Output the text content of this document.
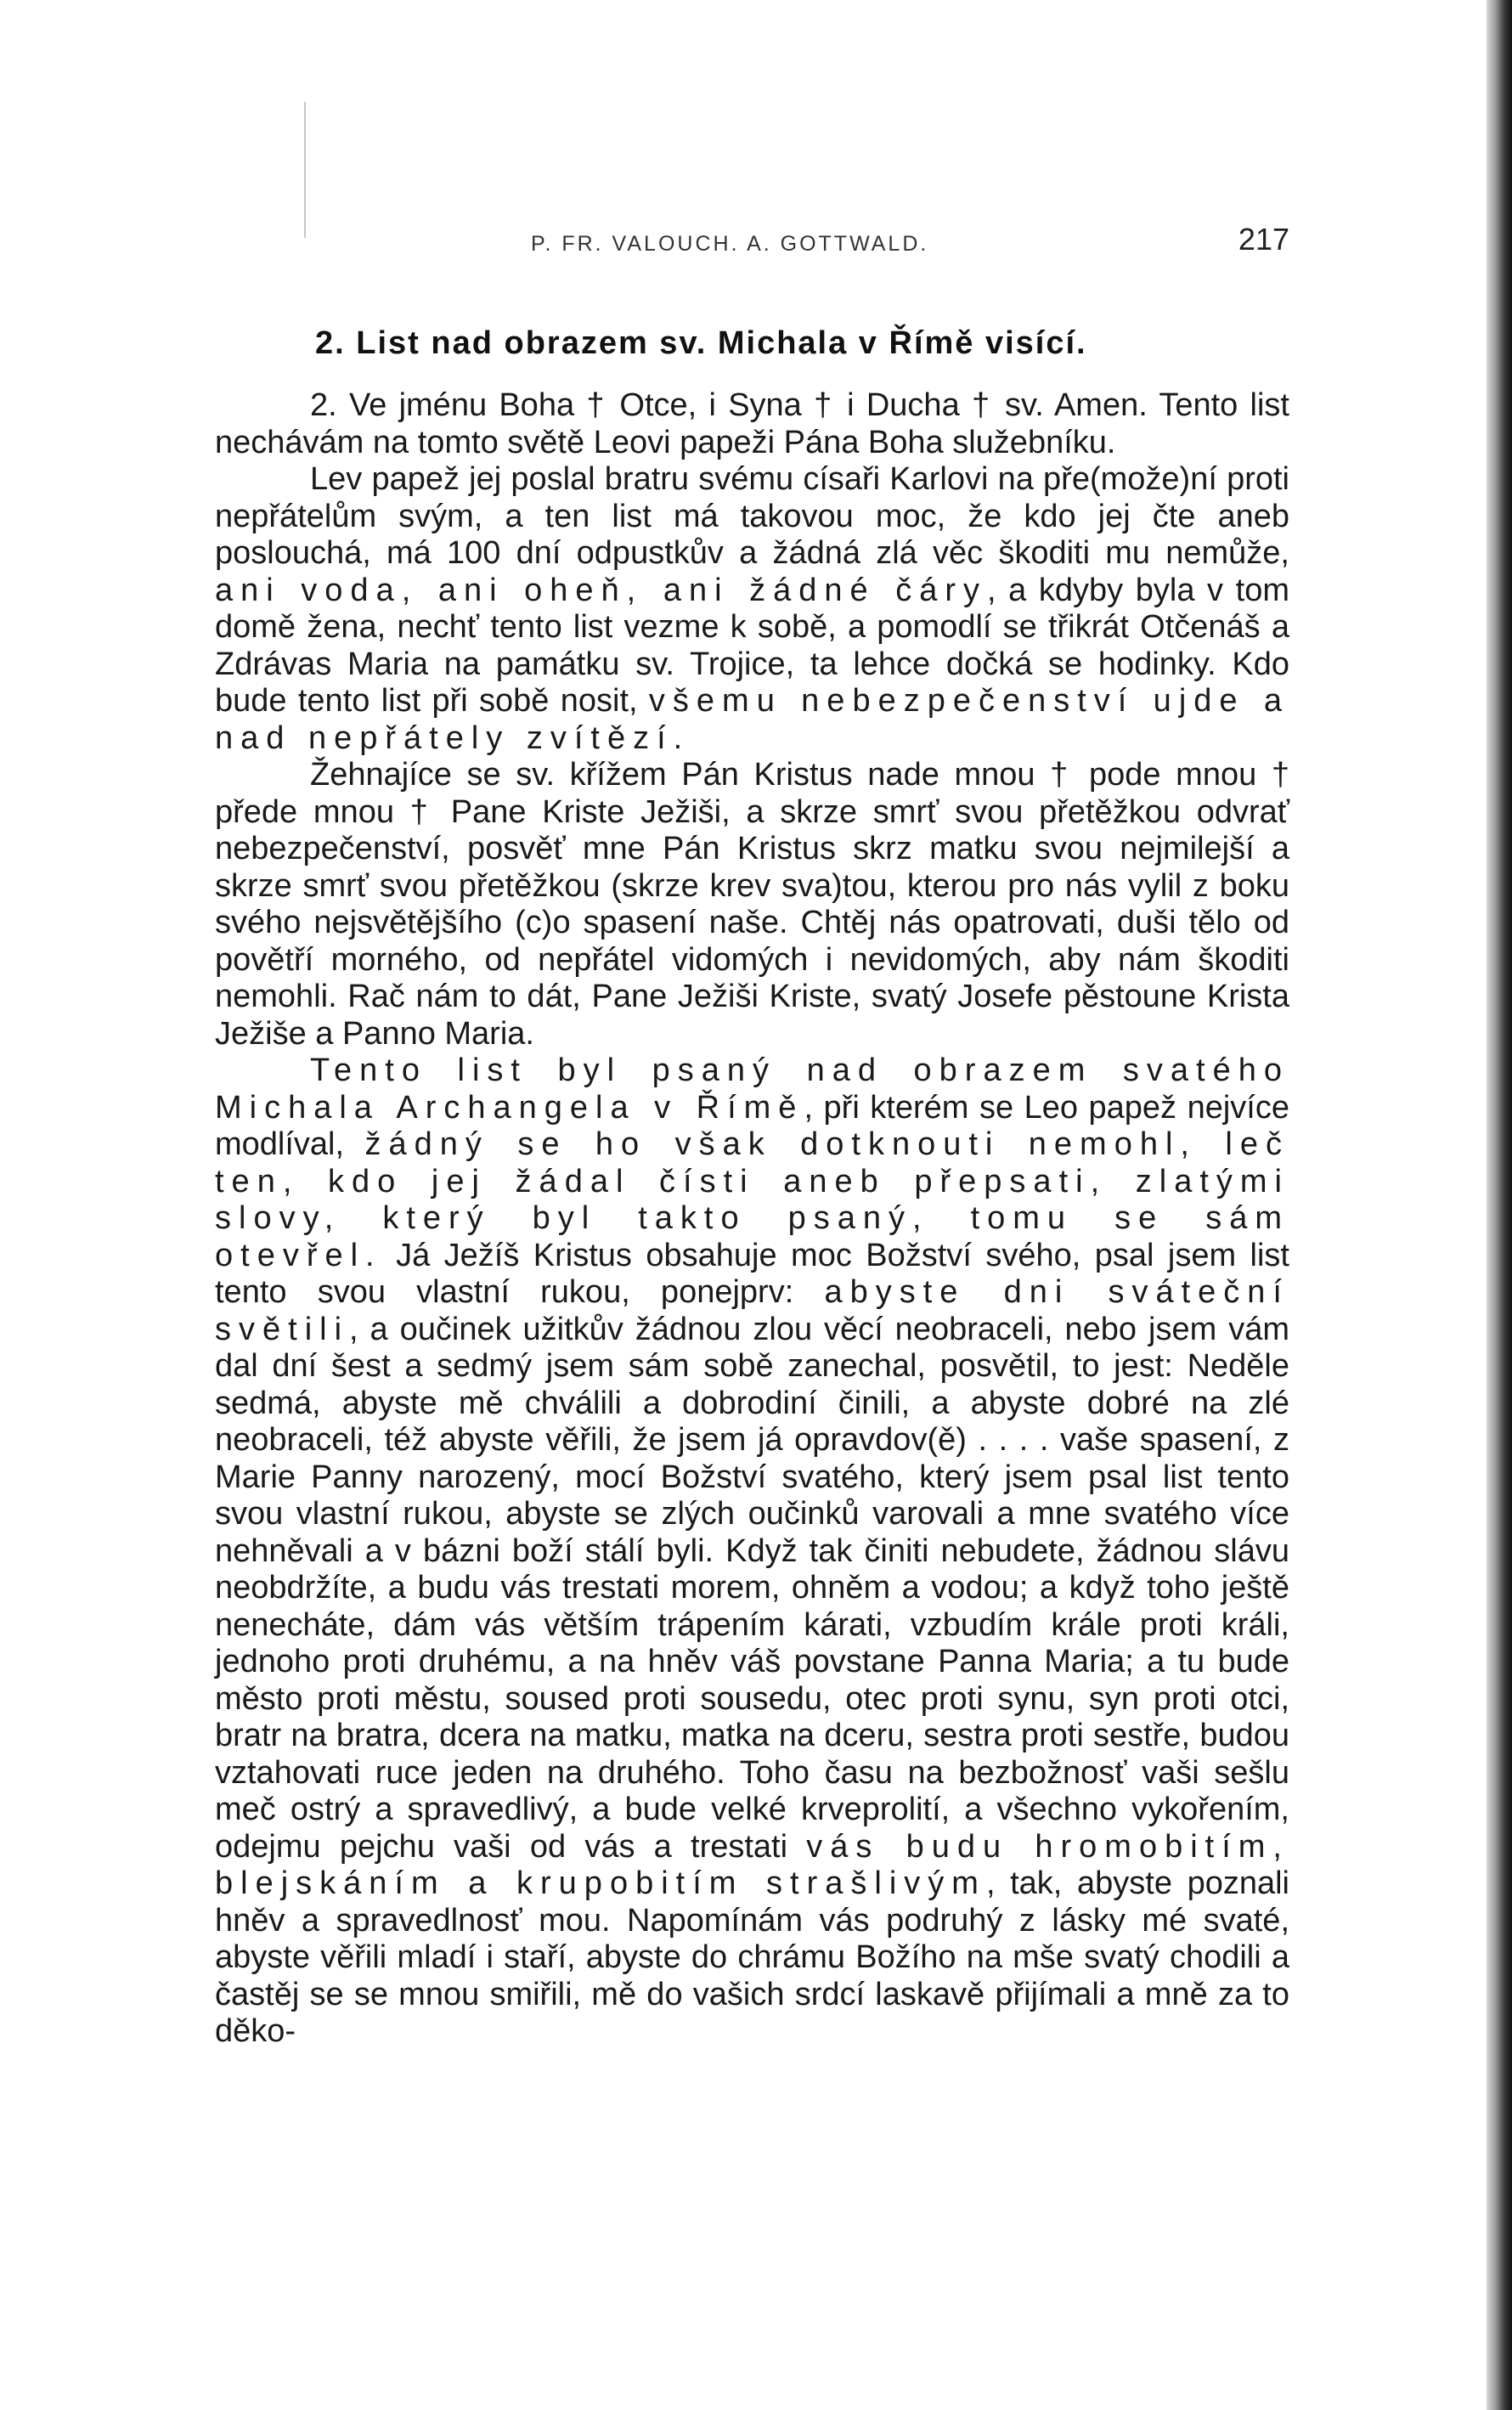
P. FR. VALOUCH. A. GOTTWALD.	217
2. List nad obrazem sv. Michala v Římě visící.

2. Ve jménu Boha † Otce, i Syna † i Ducha † sv. Amen. Tento list nechávám na tomto světě Leovi papeži Pána Boha služebníku.

Lev papež jej poslal bratru svému císaři Karlovi na pře(može)ní proti nepřátelům svým, a ten list má takovou moc, že kdo jej čte aneb poslouchá, má 100 dní odpustkův a žádná zlá věc škoditi mu nemůže, ani voda, ani oheň, ani žádné čáry, a kdyby byla v tom domě žena, nechť tento list vezme k sobě, a pomodlí se třikrát Otčenáš a Zdrávas Maria na památku sv. Trojice, ta lehce dočká se hodinky. Kdo bude tento list při sobě nosit, všemu nebezpečenství ujde a nad nepřátely zvítězí.

Žehnajíce se sv. křížem Pán Kristus nade mnou † pode mnou † přede mnou † Pane Kriste Ježiši, a skrze smrť svou přetěžkou odvrať nebezpečenství, posvěť mne Pán Kristus skrz matku svou nejmilejší a skrze smrť svou přetěžkou (skrze krev sva)tou, kterou pro nás vylil z boku svého nejsvětějšího (c)o spasení naše. Chtěj nás opatrovati, duši tělo od povětří morného, od nepřátel vidomých i nevidomých, aby nám škoditi nemohli. Rač nám to dát, Pane Ježiši Kriste, svatý Josefe pěstoune Krista Ježiše a Panno Maria.

Tento list byl psaný nad obrazem svatého Michala Archangela v Římě, při kterém se Leo papež nejvíce modlíval, žádný se ho však dotknouti nemohl, leč ten, kdo jej žádal čísti aneb přepsati, zlatými slovy, který byl takto psaný, tomu se sám otevřel. Já Ježíš Kristus obsahuje moc Božství svého, psal jsem list tento svou vlastní rukou, ponejprv: abyste dni sváteční světili, a oučinek užitkův žádnou zlou věcí neobraceli, nebo jsem vám dal dní šest a sedmý jsem sám sobě zanechal, posvětil, to jest: Neděle sedmá, abyste mě chválili a dobrodiní činili, a abyste dobré na zlé neobraceli, též abyste věřili, že jsem já opravdov(ě) . . . . vaše spasení, z Marie Panny narozený, mocí Božství svatého, který jsem psal list tento svou vlastní rukou, abyste se zlých oučinků varovali a mne svatého více nehněvali a v bázni boží stálí byli. Když tak činiti nebudete, žádnou slávu neobdržíte, a budu vás trestati morem, ohněm a vodou; a když toho ještě nenecháte, dám vás větším trápením kárati, vzbudím krále proti králi, jednoho proti druhému, a na hněv váš povstane Panna Maria; a tu bude město proti městu, soused proti sousedu, otec proti synu, syn proti otci, bratr na bratra, dcera na matku, matka na dceru, sestra proti sestře, budou vztahovati ruce jeden na druhého. Toho času na bezbožnosť vaši sešlu meč ostrý a spravedlivý, a bude velké krveprolití, a všechno vykořením, odejmu pejchu vaši od vás a trestati vás budu hromobitím, blejskáním a krupobitím strašlivým, tak, abyste poznali hněv a spravedlnosť mou. Napomínám vás podruhý z lásky mé svaté, abyste věřili mladí i staří, abyste do chrámu Božího na mše svatý chodili a častěj se se mnou smiřili, mě do vašich srdcí laskavě přijímali a mně za to děko-
